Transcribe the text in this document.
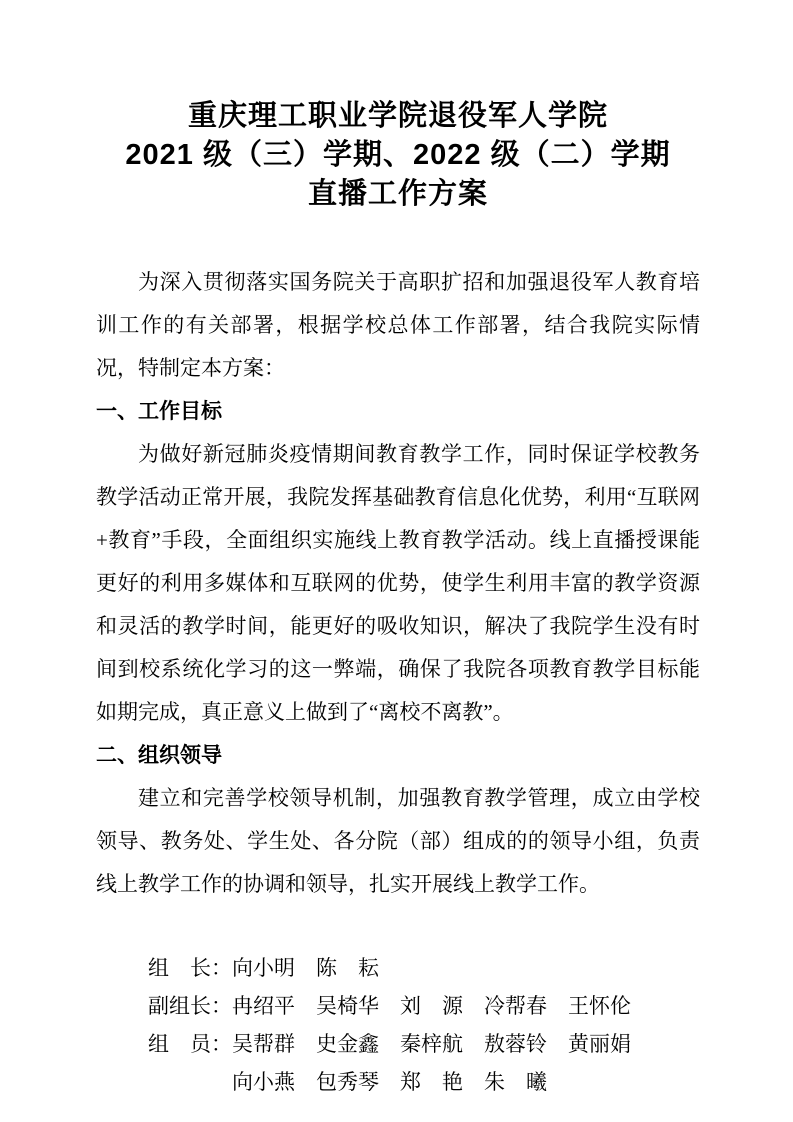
重庆理工职业学院退役军人学院
2021 级（三）学期、2022 级（二）学期
直播工作方案

为深入贯彻落实国务院关于高职扩招和加强退役军人教育培训工作的有关部署，根据学校总体工作部署，结合我院实际情况，特制定本方案：

一、工作目标

为做好新冠肺炎疫情期间教育教学工作，同时保证学校教务教学活动正常开展，我院发挥基础教育信息化优势，利用“互联网+教育”手段，全面组织实施线上教育教学活动。线上直播授课能更好的利用多媒体和互联网的优势，使学生利用丰富的教学资源和灵活的教学时间，能更好的吸收知识，解决了我院学生没有时间到校系统化学习的这一弊端，确保了我院各项教育教学目标能如期完成，真正意义上做到了“离校不离教”。

二、组织领导

建立和完善学校领导机制，加强教育教学管理，成立由学校领导、教务处、学生处、各分院（部）组成的的领导小组，负责线上教学工作的协调和领导，扎实开展线上教学工作。

组　长：向小明　陈　耘
副组长：冉绍平　吴椅华　刘　源　冷帮春　王怀伦
组　员：吴帮群　史金鑫　秦梓航　敖蓉铃　黄丽娟
向小燕　包秀琴　郑　艳　朱　曦
